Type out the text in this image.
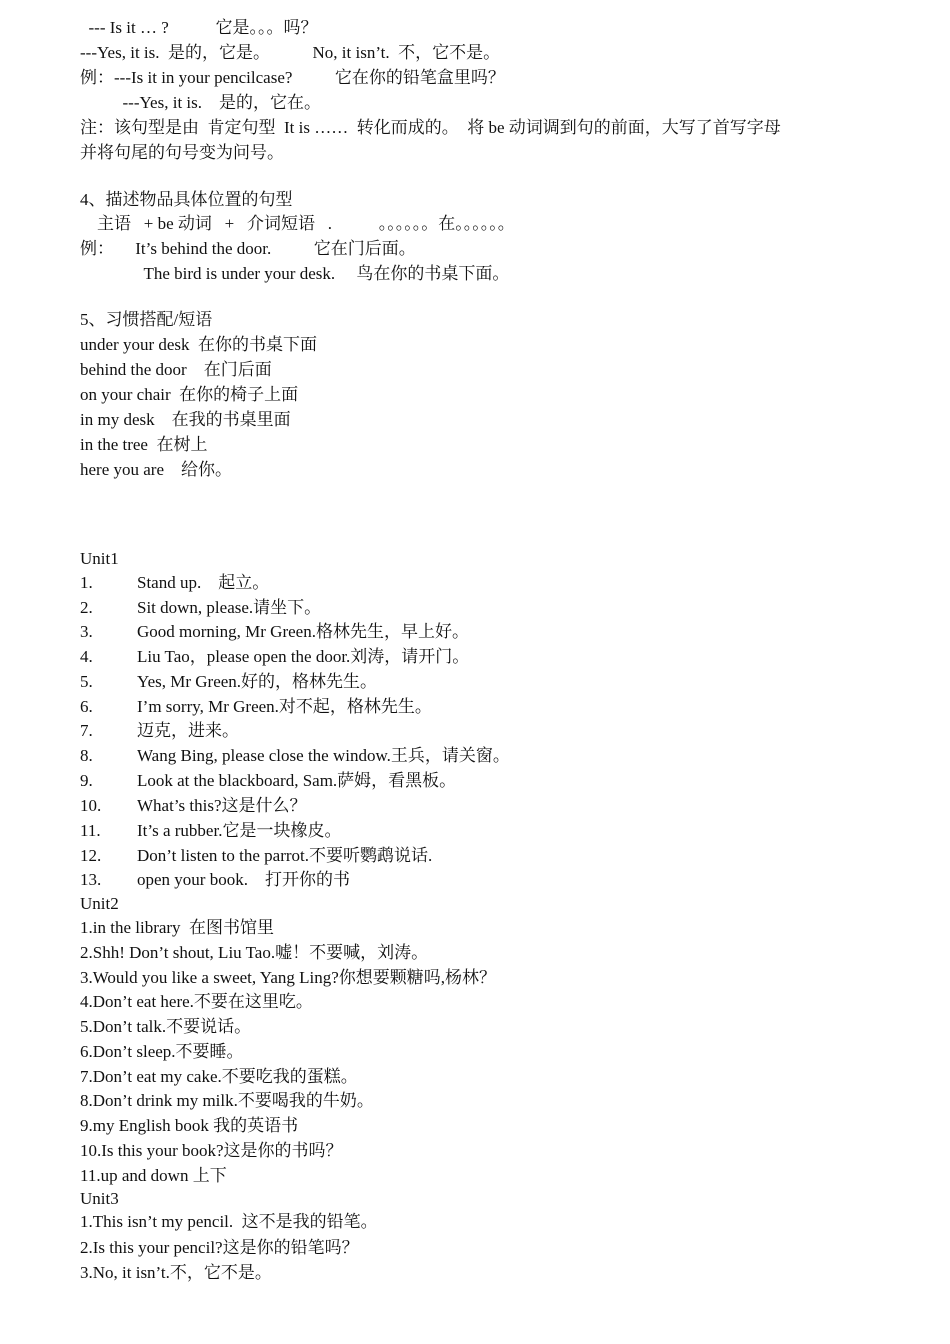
--- Is it … ?           它是。。。吗？
---Yes, it is.  是的，它是。          No, it isn’t.  不，它不是。
例：---Is it in your pencilcase?          它在你的铅笔盒里吗？
---Yes, it is.    是的，它在。
注：该句型是由  肯定句型  It is ……  转化而成的。  将 be 动词调到句的前面，大写了首写字母
并将句尾的句号变为问号。
4、描述物品具体位置的句型
主语   + be 动词   +   介词短语   .           。。。。。。在。。。。。。
例：     It’s behind the door.          它在门后面。
The bird is under your desk.     鸟在你的书桌下面。
5、习惯搭配/短语
under your desk  在你的书桌下面
behind the door    在门后面
on your chair  在你的椅子上面
in my desk    在我的书桌里面
in the tree  在树上
here you are    给你。
Unit1
1.	Stand up.    起立。
2.	Sit down, please.请坐下。
3.	Good morning, Mr Green.格林先生，早上好。
4.	Liu Tao，please open the door.刘涛，请开门。
5.	Yes, Mr Green.好的，格林先生。
6.	I’m sorry, Mr Green.对不起，格林先生。
7.	迈克，进来。
8.	Wang Bing, please close the window.王兵，请关窗。
9.	Look at the blackboard, Sam.萨姆，看黑板。
10.	What’s this?这是什么？
11.	It’s a rubber.它是一块橡皮。
12.	Don’t listen to the parrot.不要听鹦鹉说话.
13.	open your book.    打开你的书
Unit2
1.in the library  在图书馆里
2.Shh! Don’t shout, Liu Tao.嘘！不要喊，刘涛。
3.Would you like a sweet, Yang Ling?你想要颗糖吗,杨林？
4.Don’t eat here.不要在这里吃。
5.Don’t talk.不要说话。
6.Don’t sleep.不要睡。
7.Don’t eat my cake.不要吃我的蛋糕。
8.Don’t drink my milk.不要喝我的牛奶。
9.my English book 我的英语书
10.Is this your book?这是你的书吗？
11.up and down 上下
Unit3
1.This isn’t my pencil.  这不是我的铅笔。
2.Is this your pencil?这是你的铅笔吗？
3.No, it isn’t.不，它不是。
